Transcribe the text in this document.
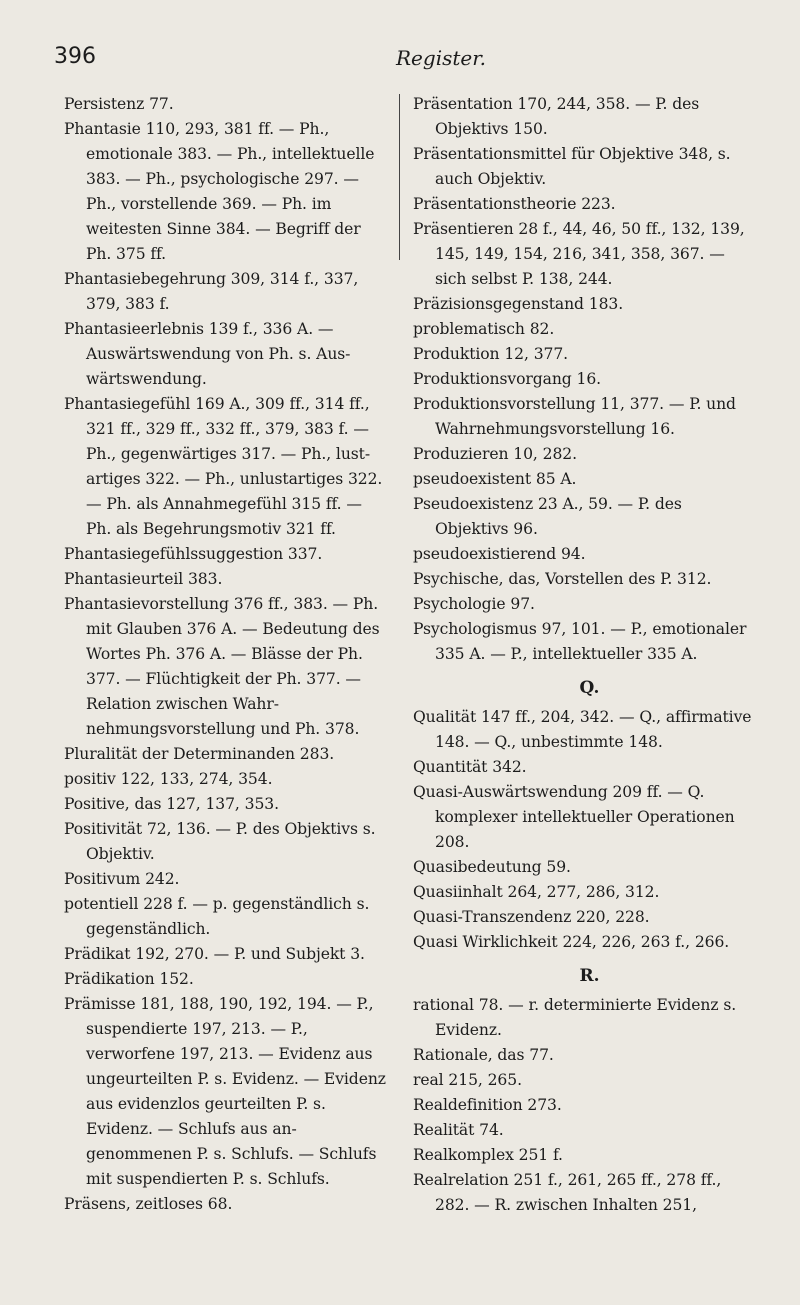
396	Register.
Persistenz 77.
Phantasie 110, 293, 381 ff. — Ph., emotionale 383. — Ph., intellektuelle 383. — Ph., psychologische 297. — Ph., vorstellende 369. — Ph. im weitesten Sinne 384. — Begriff der Ph. 375 ff.
Phantasiebegehrung 309, 314 f., 337, 379, 383 f.
Phantasieerlebnis 139 f., 336 A. — Auswärtswendung von Ph. s. Auswärtswendung.
Phantasiegefühl 169 A., 309 ff., 314 ff., 321 ff., 329 ff., 332 ff., 379, 383 f. — Ph., gegenwärtiges 317. — Ph., lustartiges 322. — Ph., unlustartiges 322. — Ph. als Annahmegefühl 315 ff. — Ph. als Begehrungsmotiv 321 ff.
Phantasiegefühlssuggestion 337.
Phantasieurteil 383.
Phantasievorstellung 376 ff., 383. — Ph. mit Glauben 376 A. — Bedeutung des Wortes Ph. 376 A. — Blässe der Ph. 377. — Flüchtigkeit der Ph. 377. — Relation zwischen Wahrnehmungsvorstellung und Ph. 378.
Pluralität der Determinanden 283.
positiv 122, 133, 274, 354.
Positive, das 127, 137, 353.
Positivität 72, 136. — P. des Objektivs s. Objektiv.
Positivum 242.
potentiell 228 f. — p. gegenständlich s. gegenständlich.
Prädikat 192, 270. — P. und Subjekt 3.
Prädikation 152.
Prämisse 181, 188, 190, 192, 194. — P., suspendierte 197, 213. — P., verworfene 197, 213. — Evidenz aus ungeurteilten P. s. Evidenz. — Evidenz aus evidenzlos geurteilten P. s. Evidenz. — Schlufs aus angenommenen P. s. Schlufs. — Schlufs mit suspendierten P. s. Schlufs.
Präsens, zeitloses 68.
Präsentation 170, 244, 358. — P. des Objektivs 150.
Präsentationsmittel für Objektive 348, s. auch Objektiv.
Präsentationstheorie 223.
Präsentieren 28 f., 44, 46, 50 ff., 132, 139, 145, 149, 154, 216, 341, 358, 367. — sich selbst P. 138, 244.
Präzisionsgegenstand 183.
problematisch 82.
Produktion 12, 377.
Produktionsvorgang 16.
Produktionsvorstellung 11, 377. — P. und Wahrnehmungsvorstellung 16.
Produzieren 10, 282.
pseudoexistent 85 A.
Pseudoexistenz 23 A., 59. — P. des Objektivs 96.
pseudoexistierend 94.
Psychische, das, Vorstellen des P. 312.
Psychologie 97.
Psychologismus 97, 101. — P., emotionaler 335 A. — P., intellektueller 335 A.
Q.
Qualität 147 ff., 204, 342. — Q., affirmative 148. — Q., unbestimmte 148.
Quantität 342.
Quasi-Auswärtswendung 209 ff. — Q. komplexer intellektueller Operationen 208.
Quasibedeutung 59.
Quasiinhalt 264, 277, 286, 312.
Quasi-Transzendenz 220, 228.
Quasi Wirklichkeit 224, 226, 263 f., 266.
R.
rational 78. — r. determinierte Evidenz s. Evidenz.
Rationale, das 77.
real 215, 265.
Realdefinition 273.
Realität 74.
Realkomplex 251 f.
Realrelation 251 f., 261, 265 ff., 278 ff., 282. — R. zwischen Inhalten 251,
